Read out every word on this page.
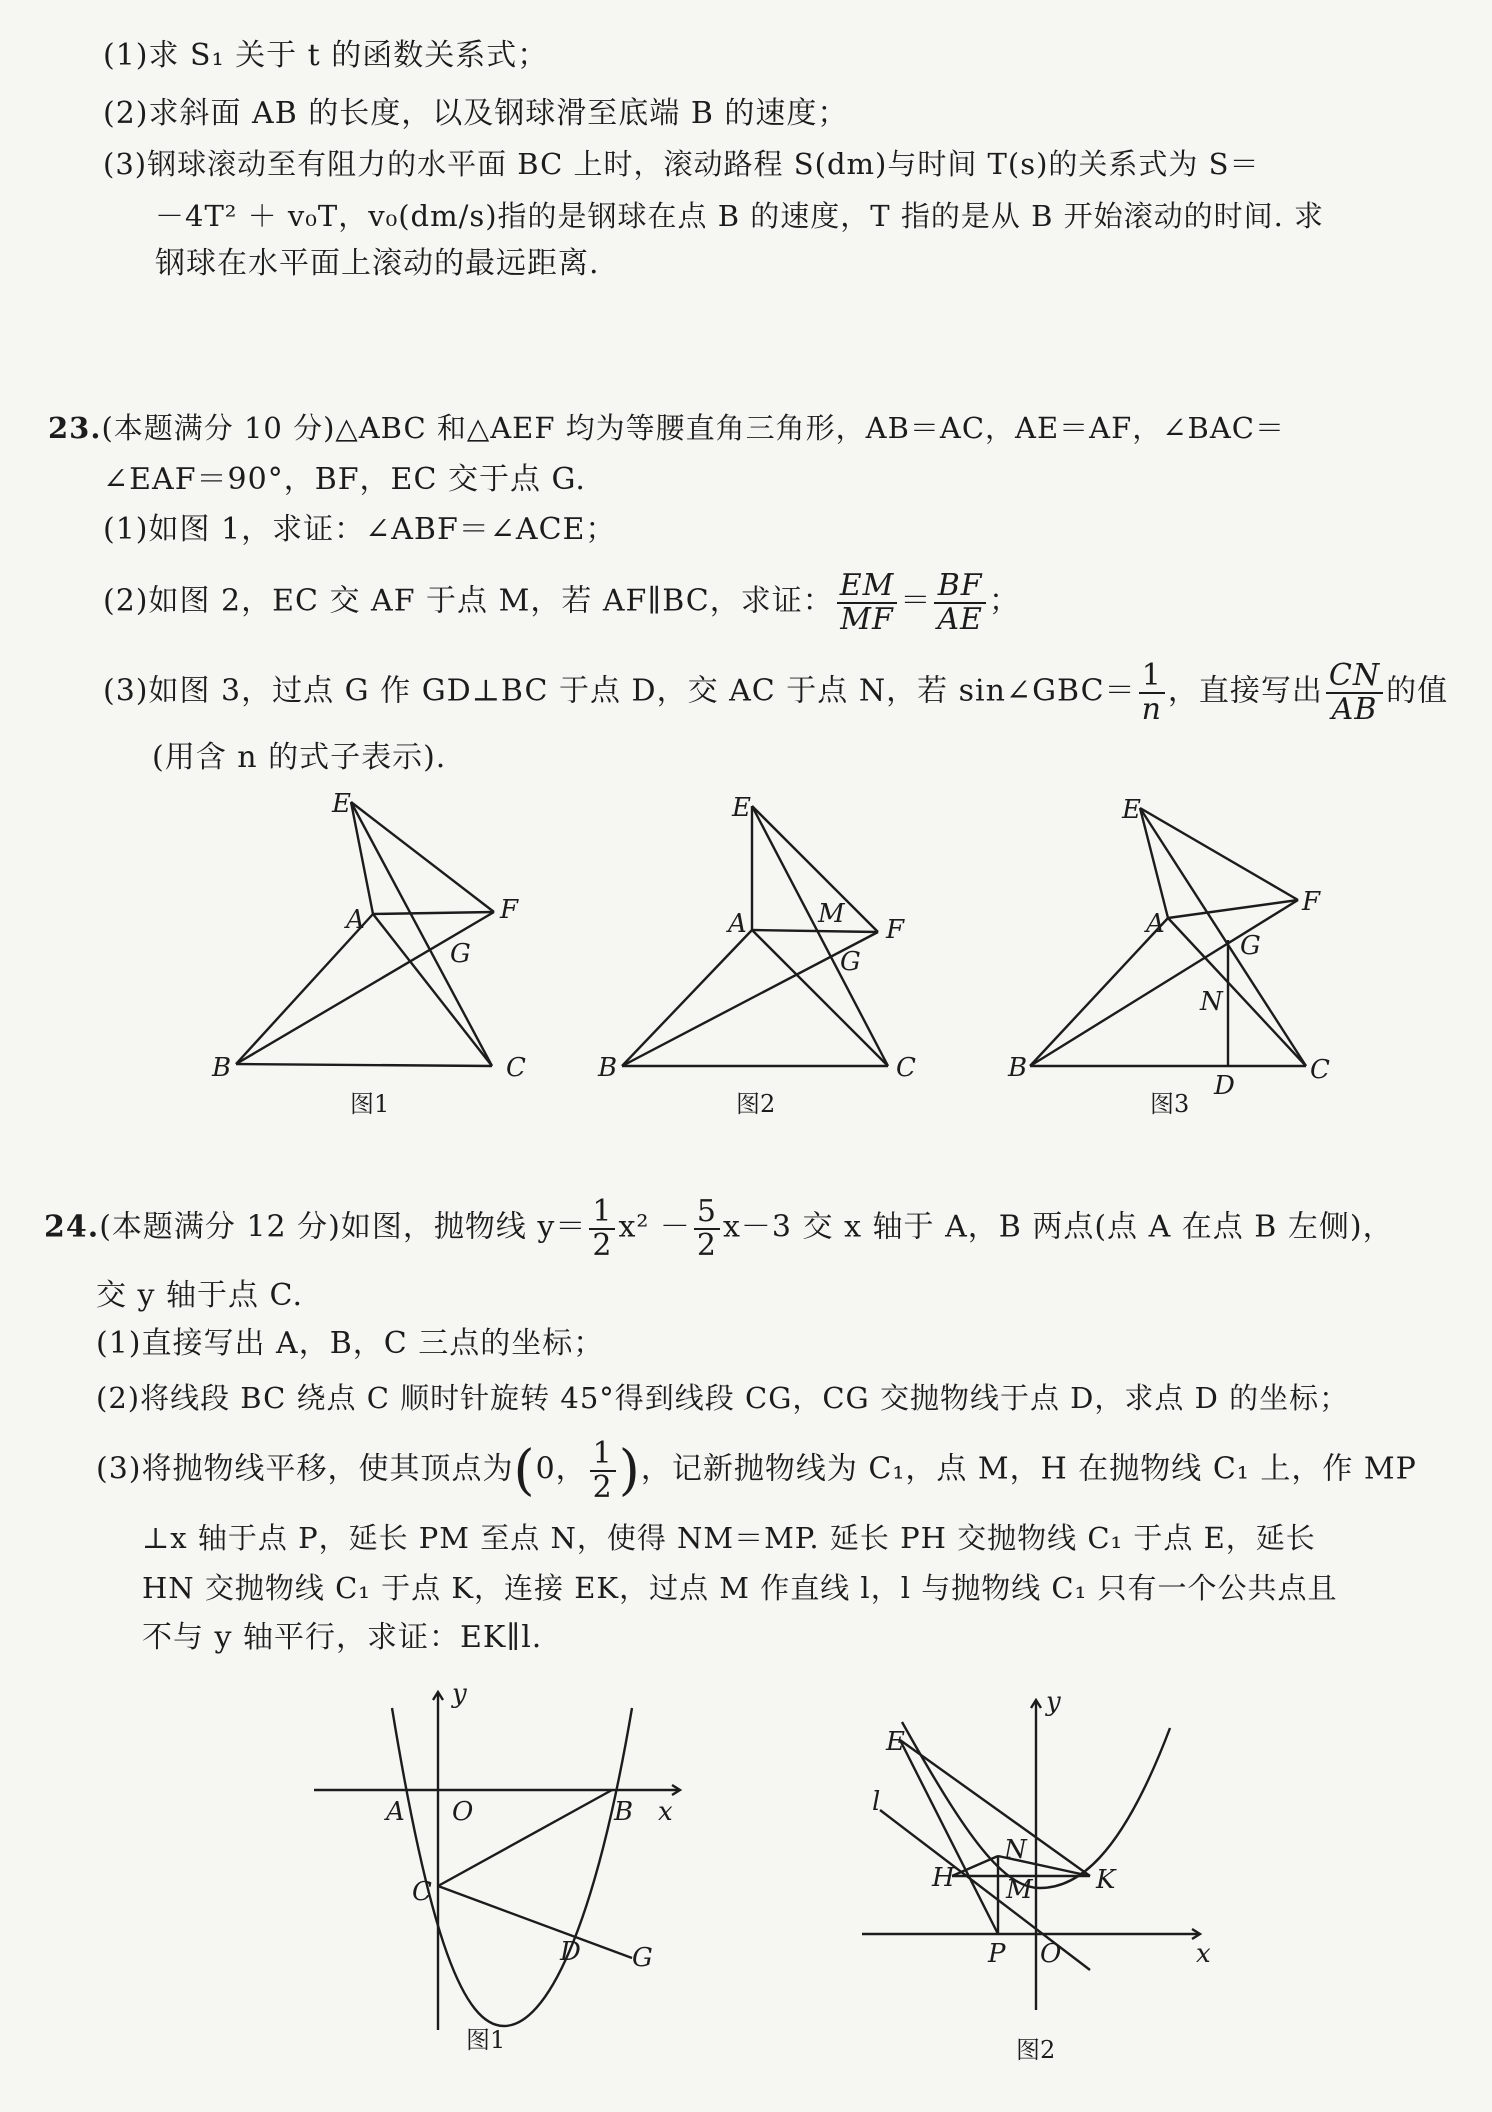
(1)求 S₁ 关于 t 的函数关系式；
(2)求斜面 AB 的长度，以及钢球滑至底端 B 的速度；
(3)钢球滚动至有阻力的水平面 BC 上时，滚动路程 S(dm)与时间 T(s)的关系式为 S＝
－4T² ＋ v₀T，v₀(dm/s)指的是钢球在点 B 的速度，T 指的是从 B 开始滚动的时间. 求
钢球在水平面上滚动的最远距离.
23.(本题满分 10 分)△ABC 和△AEF 均为等腰直角三角形，AB＝AC，AE＝AF，∠BAC＝
∠EAF＝90°，BF，EC 交于点 G.
(1)如图 1，求证：∠ABF＝∠ACE；
(2)如图 2，EC 交 AF 于点 M，若 AF∥BC，求证： $\frac{EM}{MF} = \frac{BF}{AE}$ ；
(3)如图 3，过点 G 作 GD⊥BC 于点 D，交 AC 于点 N，若 sin∠GBC＝ $\frac{1}{n}$ ，直接写出 $\frac{CN}{AB}$ 的值
(用含 n 的式子表示).
E
A	F
G
B	C
图1
E
A	M
F
G
B	C
图2
E
A
F
G
N
B	C
D
图3
y
A O	B x
C
D G
图1
y
E
l
N
H M K
P O	x
图2
24.(本题满分 12 分)如图，抛物线 $y= \frac{1}{2} x^2 - \frac{5}{2} x-3$ 交 x 轴于 A，B 两点(点 A 在点 B 左侧)，
交 y 轴于点 C.
(1)直接写出 A，B，C 三点的坐标；
(2)将线段 BC 绕点 C 顺时针旋转 45°得到线段 CG，CG 交抛物线于点 D，求点 D 的坐标；
(3)将抛物线平移，使其顶点为(0， $\frac{1}{2}$ )，记新抛物线为 C₁，点 M，H 在抛物线 C₁ 上，作 MP
⊥x 轴于点 P，延长 PM 至点 N，使得 NM＝MP. 延长 PH 交抛物线 C₁ 于点 E，延长
HN 交抛物线 C₁ 于点 K，连接 EK，过点 M 作直线 l，l 与抛物线 C₁ 只有一个公共点且
不与 y 轴平行，求证：EK∥l.
